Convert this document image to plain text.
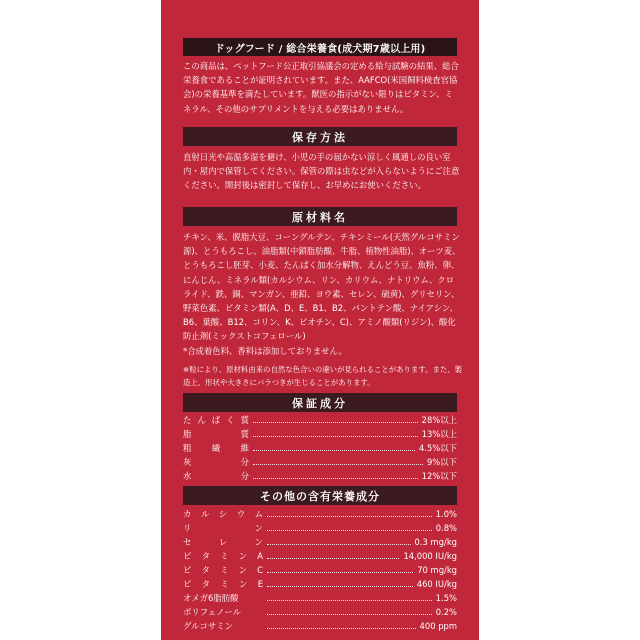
ドッグフード / 総合栄養食(成犬期7歳以上用)

この商品は、ペットフード公正取引協議会の定める給与試験の結果、総合栄養食であることが証明されています。また、AAFCO(米国飼料検査官協会)の栄養基準を満たしています。獣医の指示がない限りはビタミン、ミネラル、その他のサプリメントを与える必要はありません。

保存方法

直射日光や高温多湿を避け、小児の手の届かない涼しく風通しの良い室内・屋内で保管してください。保管の際は虫などが入らないようにご注意ください。開封後は密封して保存し、お早めにお使いください。

原材料名

チキン、米、脱脂大豆、コーングルテン、チキンミール(天然グルコサミン源)、とうもろこし、油脂類(中鎖脂肪酸、牛脂、植物性油脂)、オーツ麦、とうもろこし胚芽、小麦、たんぱく加水分解物、えんどう豆、魚粉、卵、にんじん、ミネラル類(カルシウム、リン、カリウム、ナトリウム、クロライド、鉄、銅、マンガン、亜鉛、ヨウ素、セレン、硫黄)、グリセリン、野菜色素、ビタミン類(A、D、E、B1、B2、パントテン酸、ナイアシン、B6、葉酸、B12、コリン、K、ビオチン、C)、アミノ酸類(リジン)、酸化防止剤(ミックストコフェロール)

*合成着色料、香料は添加しておりません。

※粒により、原材料由来の自然な色合いの違いが見られることがあります。また、製造上、形状や大きさにバラつきが生じることがあります。

保証成分
たんぱく質	28%以上
脂質	13%以上
粗繊維	4.5%以下
灰分	9%以下
水分	12%以下
その他の含有栄養成分
カルシウム	1.0%
リン	0.8%
セレン	0.3 mg/kg
ビタミンA	14,000 IU/kg
ビタミンC	70 mg/kg
ビタミンE	460 IU/kg
オメガ6脂肪酸	1.5%
ポリフェノール	0.2%
グルコサミン	400 ppm
